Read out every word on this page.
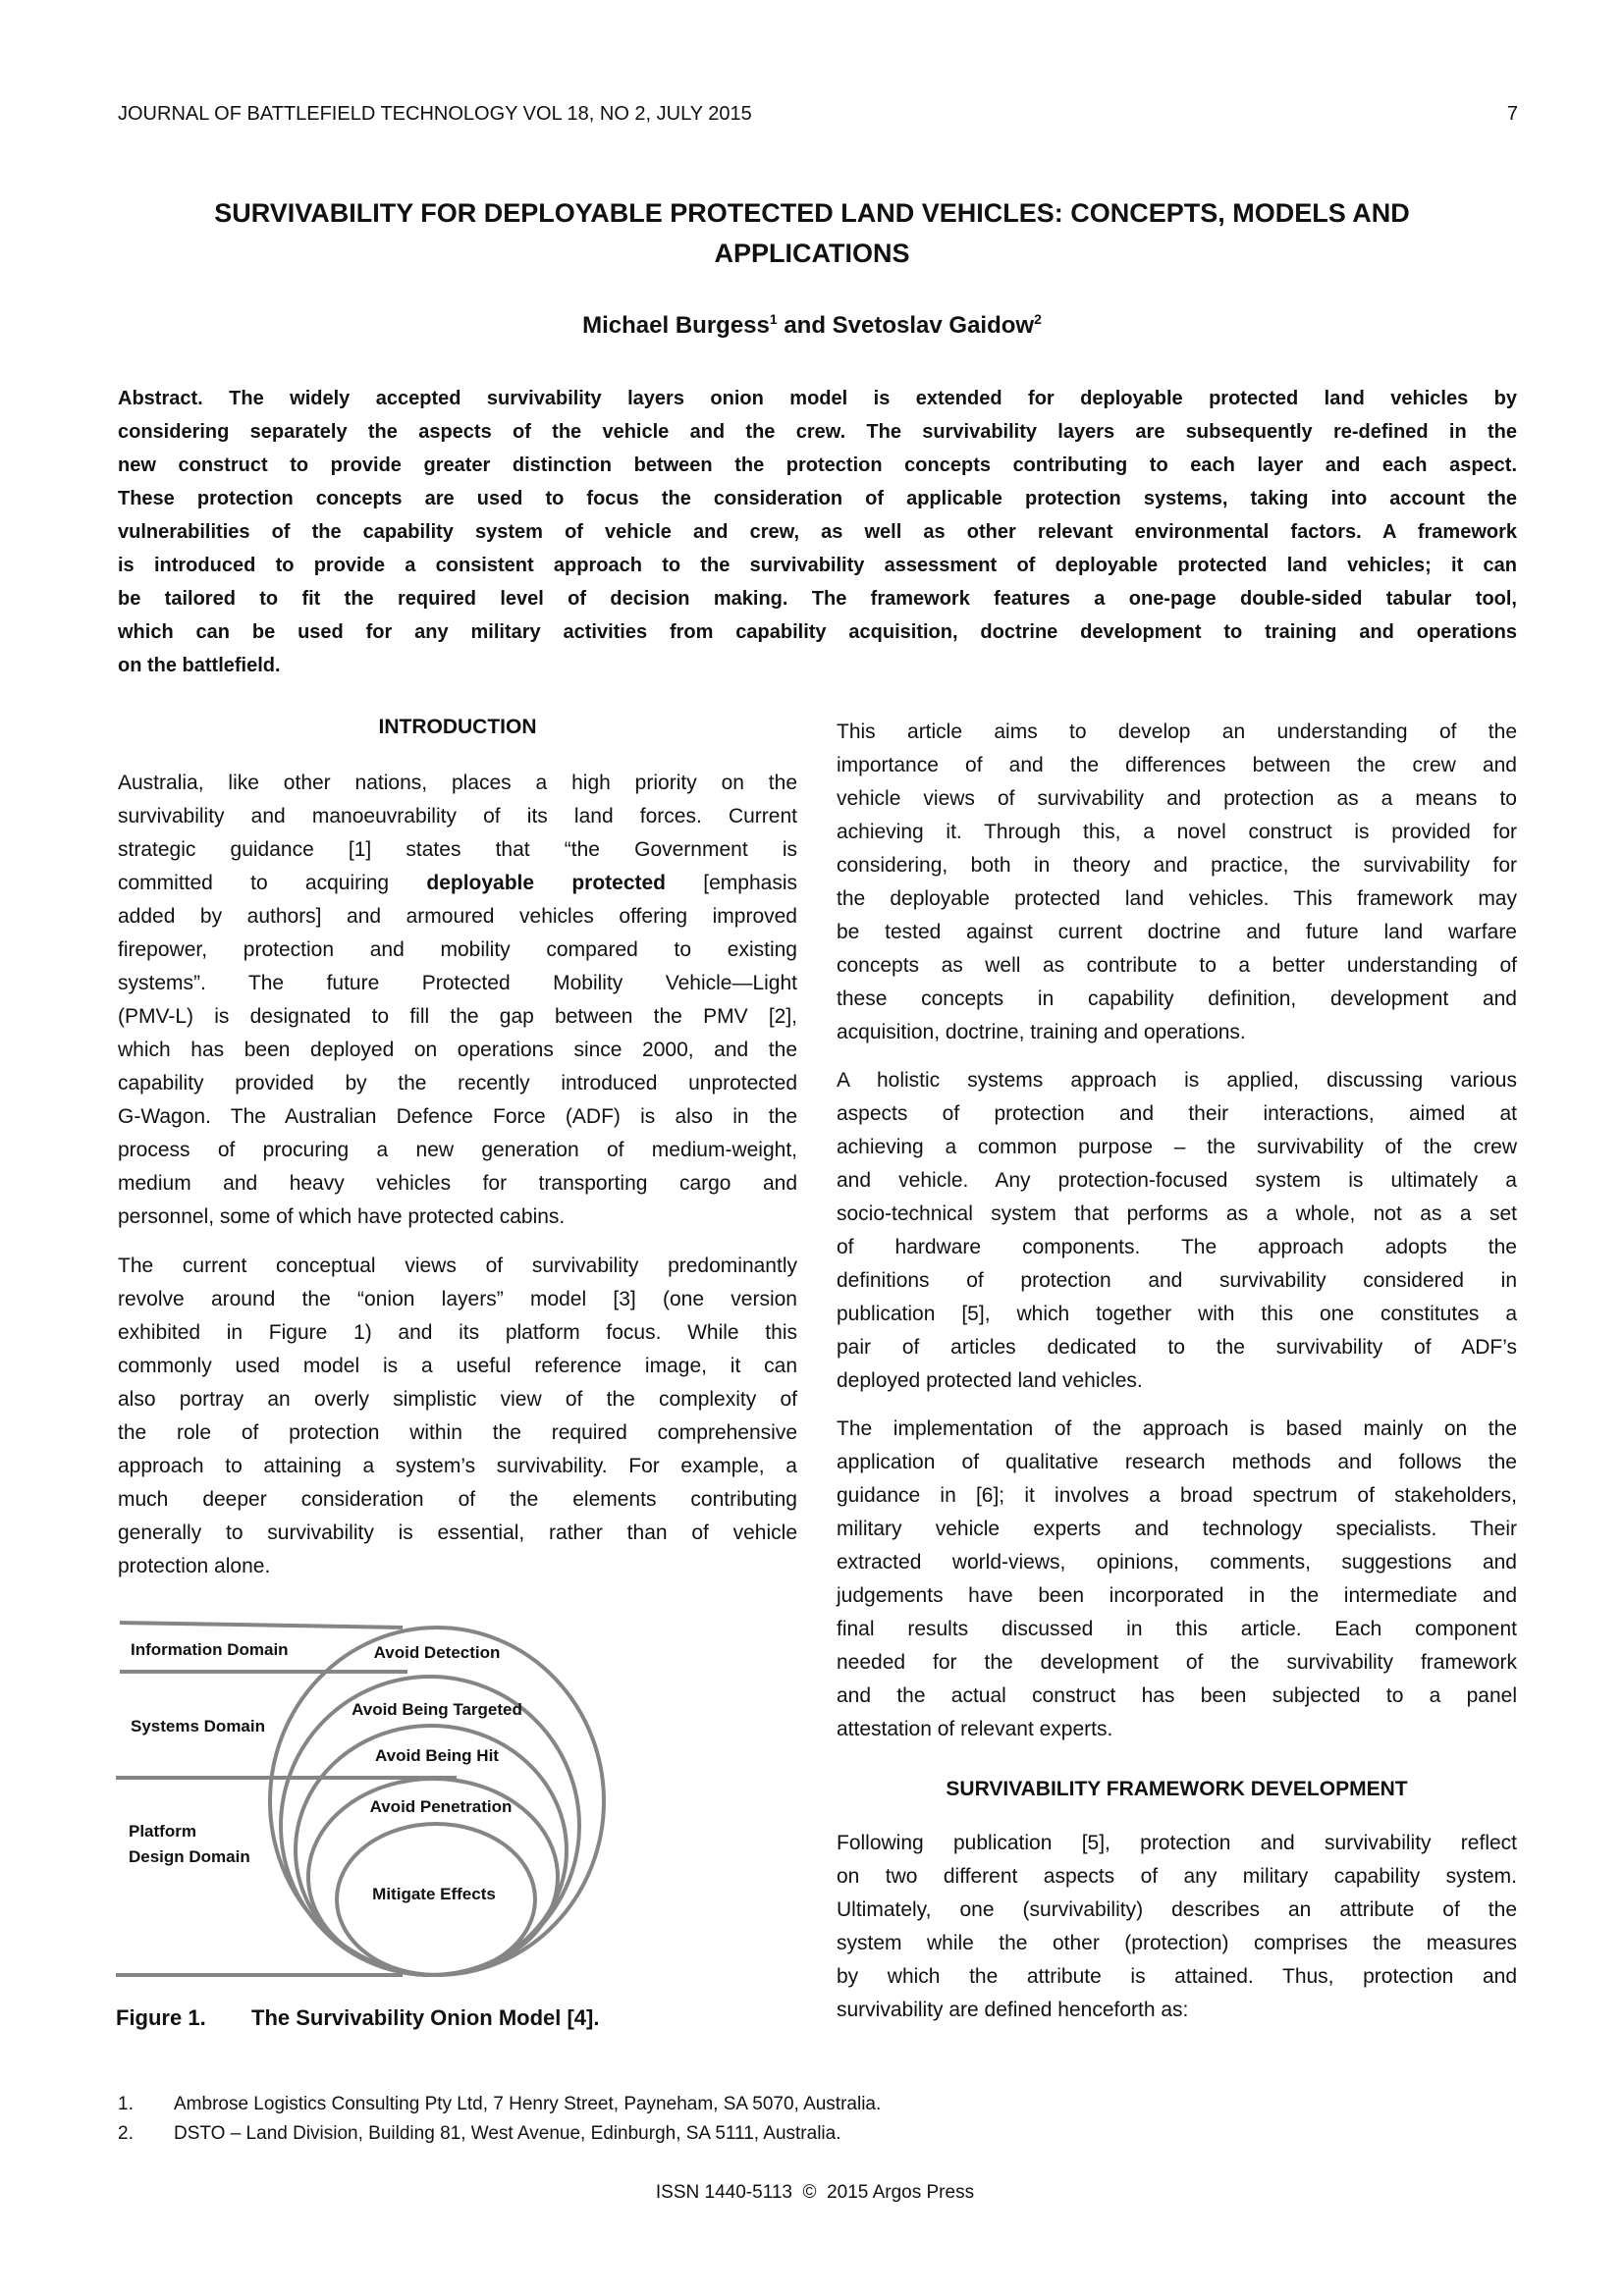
JOURNAL OF BATTLEFIELD TECHNOLOGY VOL 18, NO 2, JULY 2015	7
SURVIVABILITY FOR DEPLOYABLE PROTECTED LAND VEHICLES: CONCEPTS, MODELS AND
APPLICATIONS
Michael Burgess$^1$ and Svetoslav Gaidow$^2$
Abstract. The widely accepted survivability layers onion model is extended for deployable protected land vehicles by
considering separately the aspects of the vehicle and the crew. The survivability layers are subsequently re-defined in the
new construct to provide greater distinction between the protection concepts contributing to each layer and each aspect.
These protection concepts are used to focus the consideration of applicable protection systems, taking into account the
vulnerabilities of the capability system of vehicle and crew, as well as other relevant environmental factors. A framework
is introduced to provide a consistent approach to the survivability assessment of deployable protected land vehicles; it can
be tailored to fit the required level of decision making. The framework features a one-page double-sided tabular tool,
which can be used for any military activities from capability acquisition, doctrine development to training and operations
on the battlefield.
INTRODUCTION
Australia, like other nations, places a high priority on the
survivability and manoeuvrability of its land forces. Current
strategic guidance [1] states that “the Government is
committed to acquiring deployable protected [emphasis
added by authors] and armoured vehicles offering improved
firepower, protection and mobility compared to existing
systems”. The future Protected Mobility Vehicle—Light
(PMV-L) is designated to fill the gap between the PMV [2],
which has been deployed on operations since 2000, and the
capability provided by the recently introduced unprotected
G-Wagon. The Australian Defence Force (ADF) is also in the
process of procuring a new generation of medium-weight,
medium and heavy vehicles for transporting cargo and
personnel, some of which have protected cabins.
The current conceptual views of survivability predominantly
revolve around the “onion layers” model [3] (one version
exhibited in Figure 1) and its platform focus. While this
commonly used model is a useful reference image, it can
also portray an overly simplistic view of the complexity of
the role of protection within the required comprehensive
approach to attaining a system’s survivability. For example, a
much deeper consideration of the elements contributing
generally to survivability is essential, rather than of vehicle
protection alone.
Information Domain
Systems Domain
Platform
Design Domain
Avoid Detection
Avoid Being Targeted
Avoid Being Hit
Avoid Penetration
Mitigate Effects
Figure 1. The Survivability Onion Model [4].
This article aims to develop an understanding of the
importance of and the differences between the crew and
vehicle views of survivability and protection as a means to
achieving it. Through this, a novel construct is provided for
considering, both in theory and practice, the survivability for
the deployable protected land vehicles. This framework may
be tested against current doctrine and future land warfare
concepts as well as contribute to a better understanding of
these concepts in capability definition, development and
acquisition, doctrine, training and operations.
A holistic systems approach is applied, discussing various
aspects of protection and their interactions, aimed at
achieving a common purpose – the survivability of the crew
and vehicle. Any protection-focused system is ultimately a
socio-technical system that performs as a whole, not as a set
of hardware components. The approach adopts the
definitions of protection and survivability considered in
publication [5], which together with this one constitutes a
pair of articles dedicated to the survivability of ADF’s
deployed protected land vehicles.
The implementation of the approach is based mainly on the
application of qualitative research methods and follows the
guidance in [6]; it involves a broad spectrum of stakeholders,
military vehicle experts and technology specialists. Their
extracted world-views, opinions, comments, suggestions and
judgements have been incorporated in the intermediate and
final results discussed in this article. Each component
needed for the development of the survivability framework
and the actual construct has been subjected to a panel
attestation of relevant experts.
SURVIVABILITY FRAMEWORK DEVELOPMENT
Following publication [5], protection and survivability reflect
on two different aspects of any military capability system.
Ultimately, one (survivability) describes an attribute of the
system while the other (protection) comprises the measures
by which the attribute is attained. Thus, protection and
survivability are defined henceforth as:
1. Ambrose Logistics Consulting Pty Ltd, 7 Henry Street, Payneham, SA 5070, Australia.
2. DSTO – Land Division, Building 81, West Avenue, Edinburgh, SA 5111, Australia.
ISSN 1440-5113  ©  2015 Argos Press
